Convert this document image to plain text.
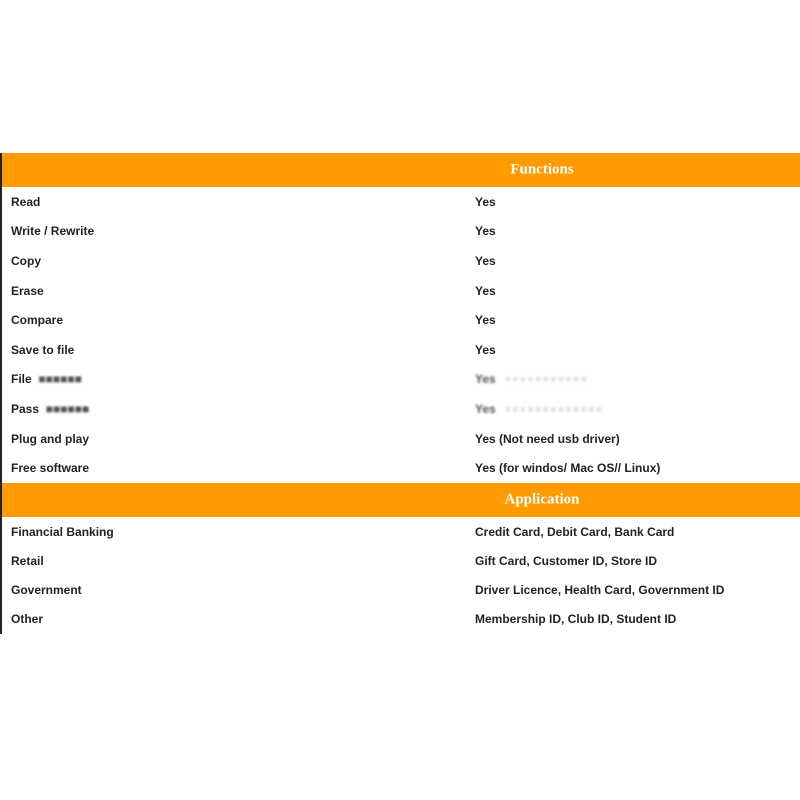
Functions
Read	Yes
Write / Rewrite	Yes
Copy	Yes
Erase	Yes
Compare	Yes
Save to file	Yes
File  ■■■■■■	Yes   ▪ ▪ ▪ ▪ ▪ ▪ ▪ ▪ ▪ ▪ ▪
Pass  ■■■■■■	Yes   ▪ ▪ ▪ ▪ ▪ ▪ ▪ ▪ ▪ ▪ ▪ ▪ ▪
Plug and play	Yes (Not need usb driver)
Free software	Yes (for windos/ Mac OS// Linux)
Application
Financial Banking	Credit Card, Debit Card, Bank Card
Retail	Gift Card, Customer ID, Store ID
Government	Driver Licence, Health Card, Government ID
Other	Membership ID, Club ID, Student ID
